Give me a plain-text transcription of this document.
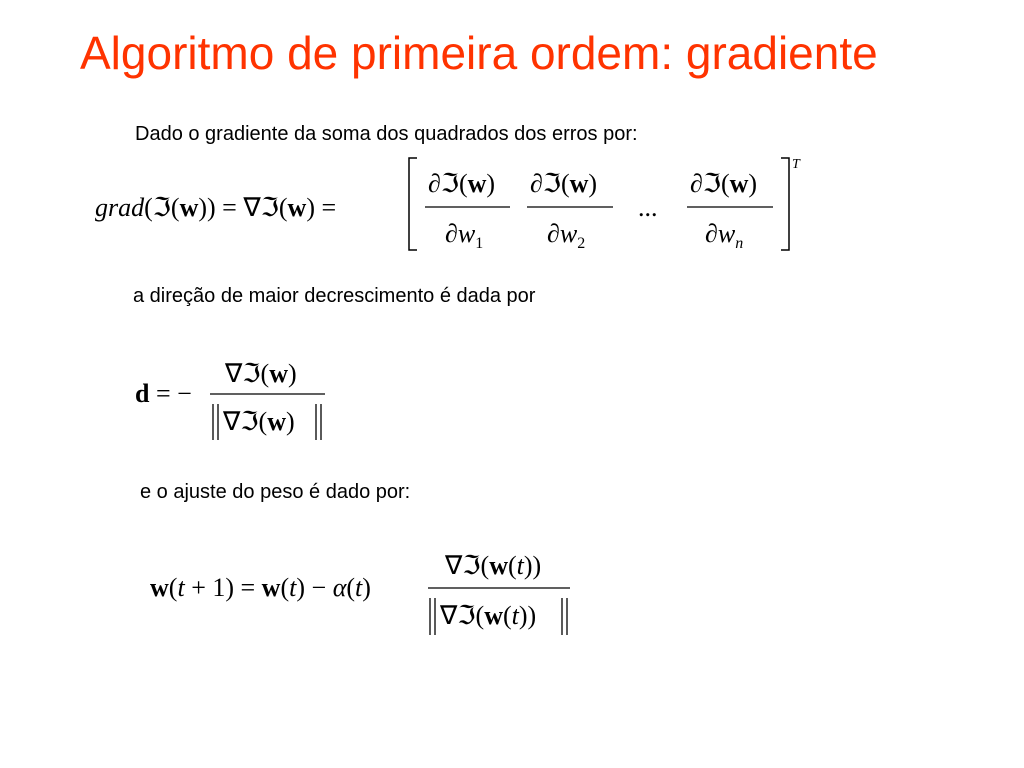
Algoritmo de primeira ordem: gradiente
Dado o gradiente da soma dos quadrados dos erros por:
grad(ℑ(w)) = ∇ℑ(w) =
∂ℑ(w)
$\partial w_1$
∂ℑ(w)
$\partial w_2$
...
∂ℑ(w)
$\partial w_n$
T
a direção de maior decrescimento é dada por
d = −
∇ℑ(w)
∇ℑ(w)
e o ajuste do peso é dado por:
w(t + 1) = w(t) − α(t)
∇ℑ(w(t))
∇ℑ(w(t))
